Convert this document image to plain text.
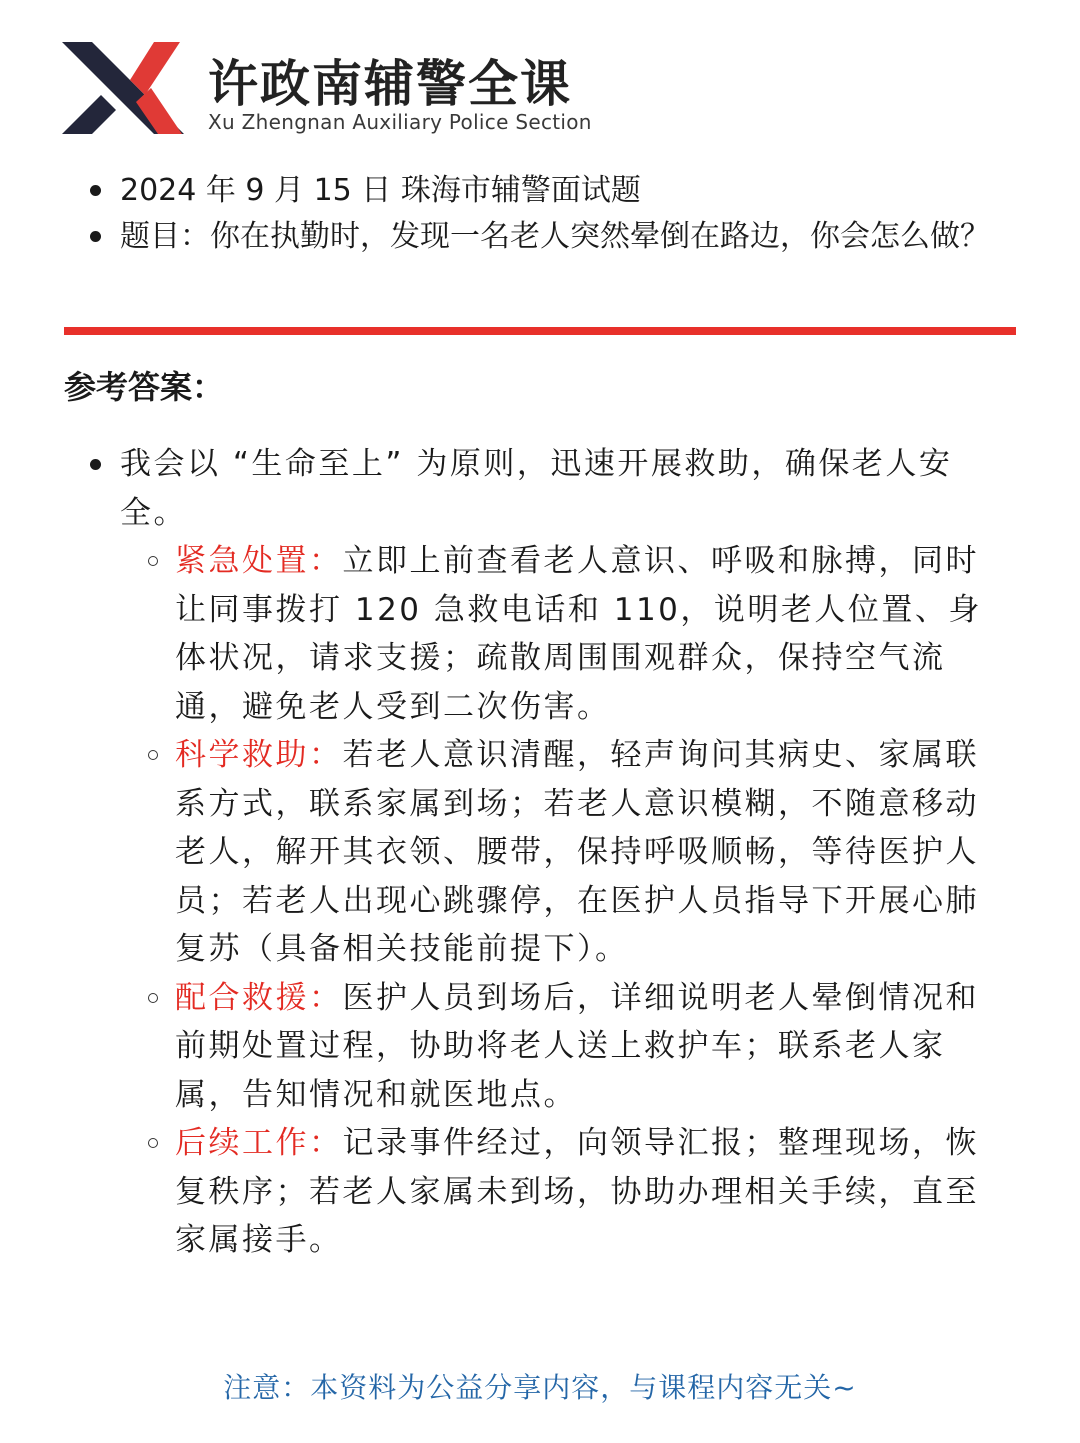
许政南辅警全课
Xu Zhengnan Auxiliary Police Section
2024 年 9 月 15 日 珠海市辅警面试题
题目：你在执勤时，发现一名老人突然晕倒在路边，你会怎么做？
参考答案：
我会以 “生命至上” 为原则，迅速开展救助，确保老人安全。
紧急处置：立即上前查看老人意识、呼吸和脉搏，同时让同事拨打 120 急救电话和 110，说明老人位置、身体状况，请求支援；疏散周围围观群众，保持空气流通，避免老人受到二次伤害。
科学救助：若老人意识清醒，轻声询问其病史、家属联系方式，联系家属到场；若老人意识模糊，不随意移动老人，解开其衣领、腰带，保持呼吸顺畅，等待医护人员；若老人出现心跳骤停，在医护人员指导下开展心肺复苏（具备相关技能前提下）。
配合救援：医护人员到场后，详细说明老人晕倒情况和前期处置过程，协助将老人送上救护车；联系老人家属，告知情况和就医地点。
后续工作：记录事件经过，向领导汇报；整理现场，恢复秩序；若老人家属未到场，协助办理相关手续，直至家属接手。
注意：本资料为公益分享内容，与课程内容无关~
